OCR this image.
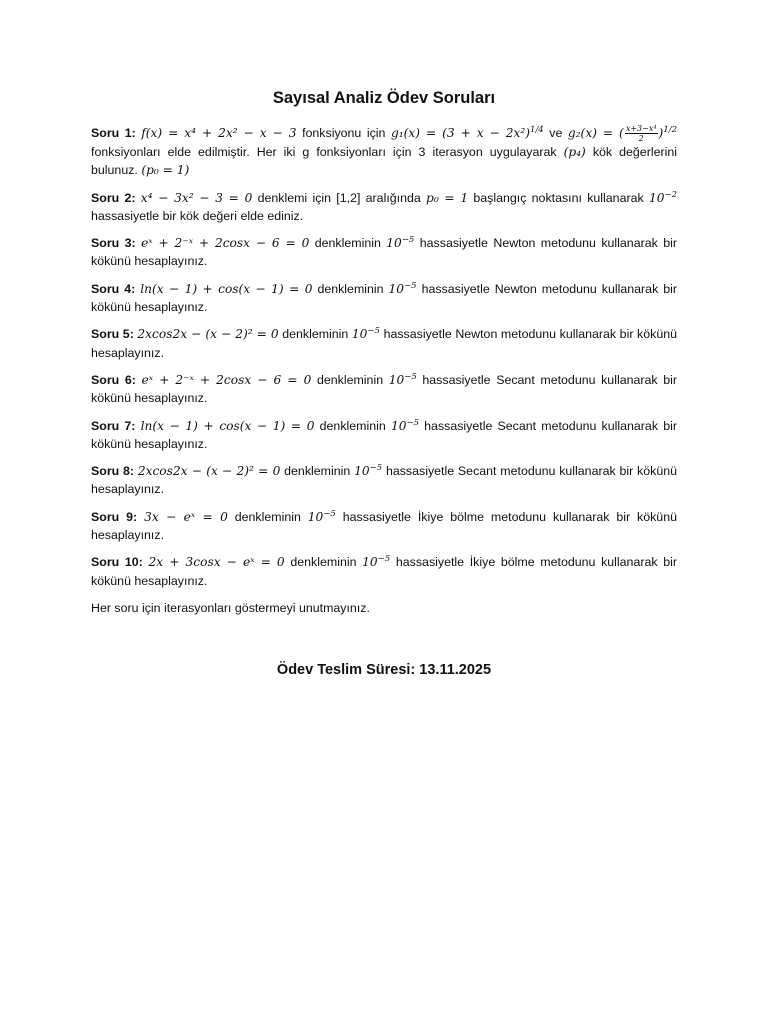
Sayısal Analiz Ödev Soruları

Soru 1: f(x) = x⁴ + 2x² − x − 3 fonksiyonu için $g_1(x) = (3 + x - 2x^2)^{1/4}$ ve g₂(x) = ( $\frac{\text{x+3−x⁴}}{2} )^{1/2}$ fonksiyonları elde edilmiştir. Her iki g fonksiyonları için 3 iterasyon uygulayarak (p₄) kök değerlerini bulunuz. (p₀ = 1)

Soru 2: x⁴ − 3x² − 3 = 0 denklemi için [1,2] aralığında p₀ = 1 başlangıç noktasını kullanarak $10^{-2}$ hassasiyetle bir kök değeri elde ediniz.

Soru 3: eˣ + 2⁻ˣ + 2cosx − 6 = 0 denkleminin $10^{-5}$ hassasiyetle Newton metodunu kullanarak bir kökünü hesaplayınız.

Soru 4: ln(x − 1) + cos(x − 1) = 0 denkleminin $10^{-5}$ hassasiyetle Newton metodunu kullanarak bir kökünü hesaplayınız.

Soru 5: 2xcos2x − (x − 2)² = 0 denkleminin $10^{-5}$ hassasiyetle Newton metodunu kullanarak bir kökünü hesaplayınız.

Soru 6: eˣ + 2⁻ˣ + 2cosx − 6 = 0 denkleminin $10^{-5}$ hassasiyetle Secant metodunu kullanarak bir kökünü hesaplayınız.

Soru 7: ln(x − 1) + cos(x − 1) = 0 denkleminin $10^{-5}$ hassasiyetle Secant metodunu kullanarak bir kökünü hesaplayınız.

Soru 8: 2xcos2x − (x − 2)² = 0 denkleminin $10^{-5}$ hassasiyetle Secant metodunu kullanarak bir kökünü hesaplayınız.

Soru 9: 3x − eˣ = 0 denkleminin $10^{-5}$ hassasiyetle İkiye bölme metodunu kullanarak bir kökünü hesaplayınız.

Soru 10: 2x + 3cosx − eˣ = 0 denkleminin $10^{-5}$ hassasiyetle İkiye bölme metodunu kullanarak bir kökünü hesaplayınız.

Her soru için iterasyonları göstermeyi unutmayınız.

Ödev Teslim Süresi: 13.11.2025
